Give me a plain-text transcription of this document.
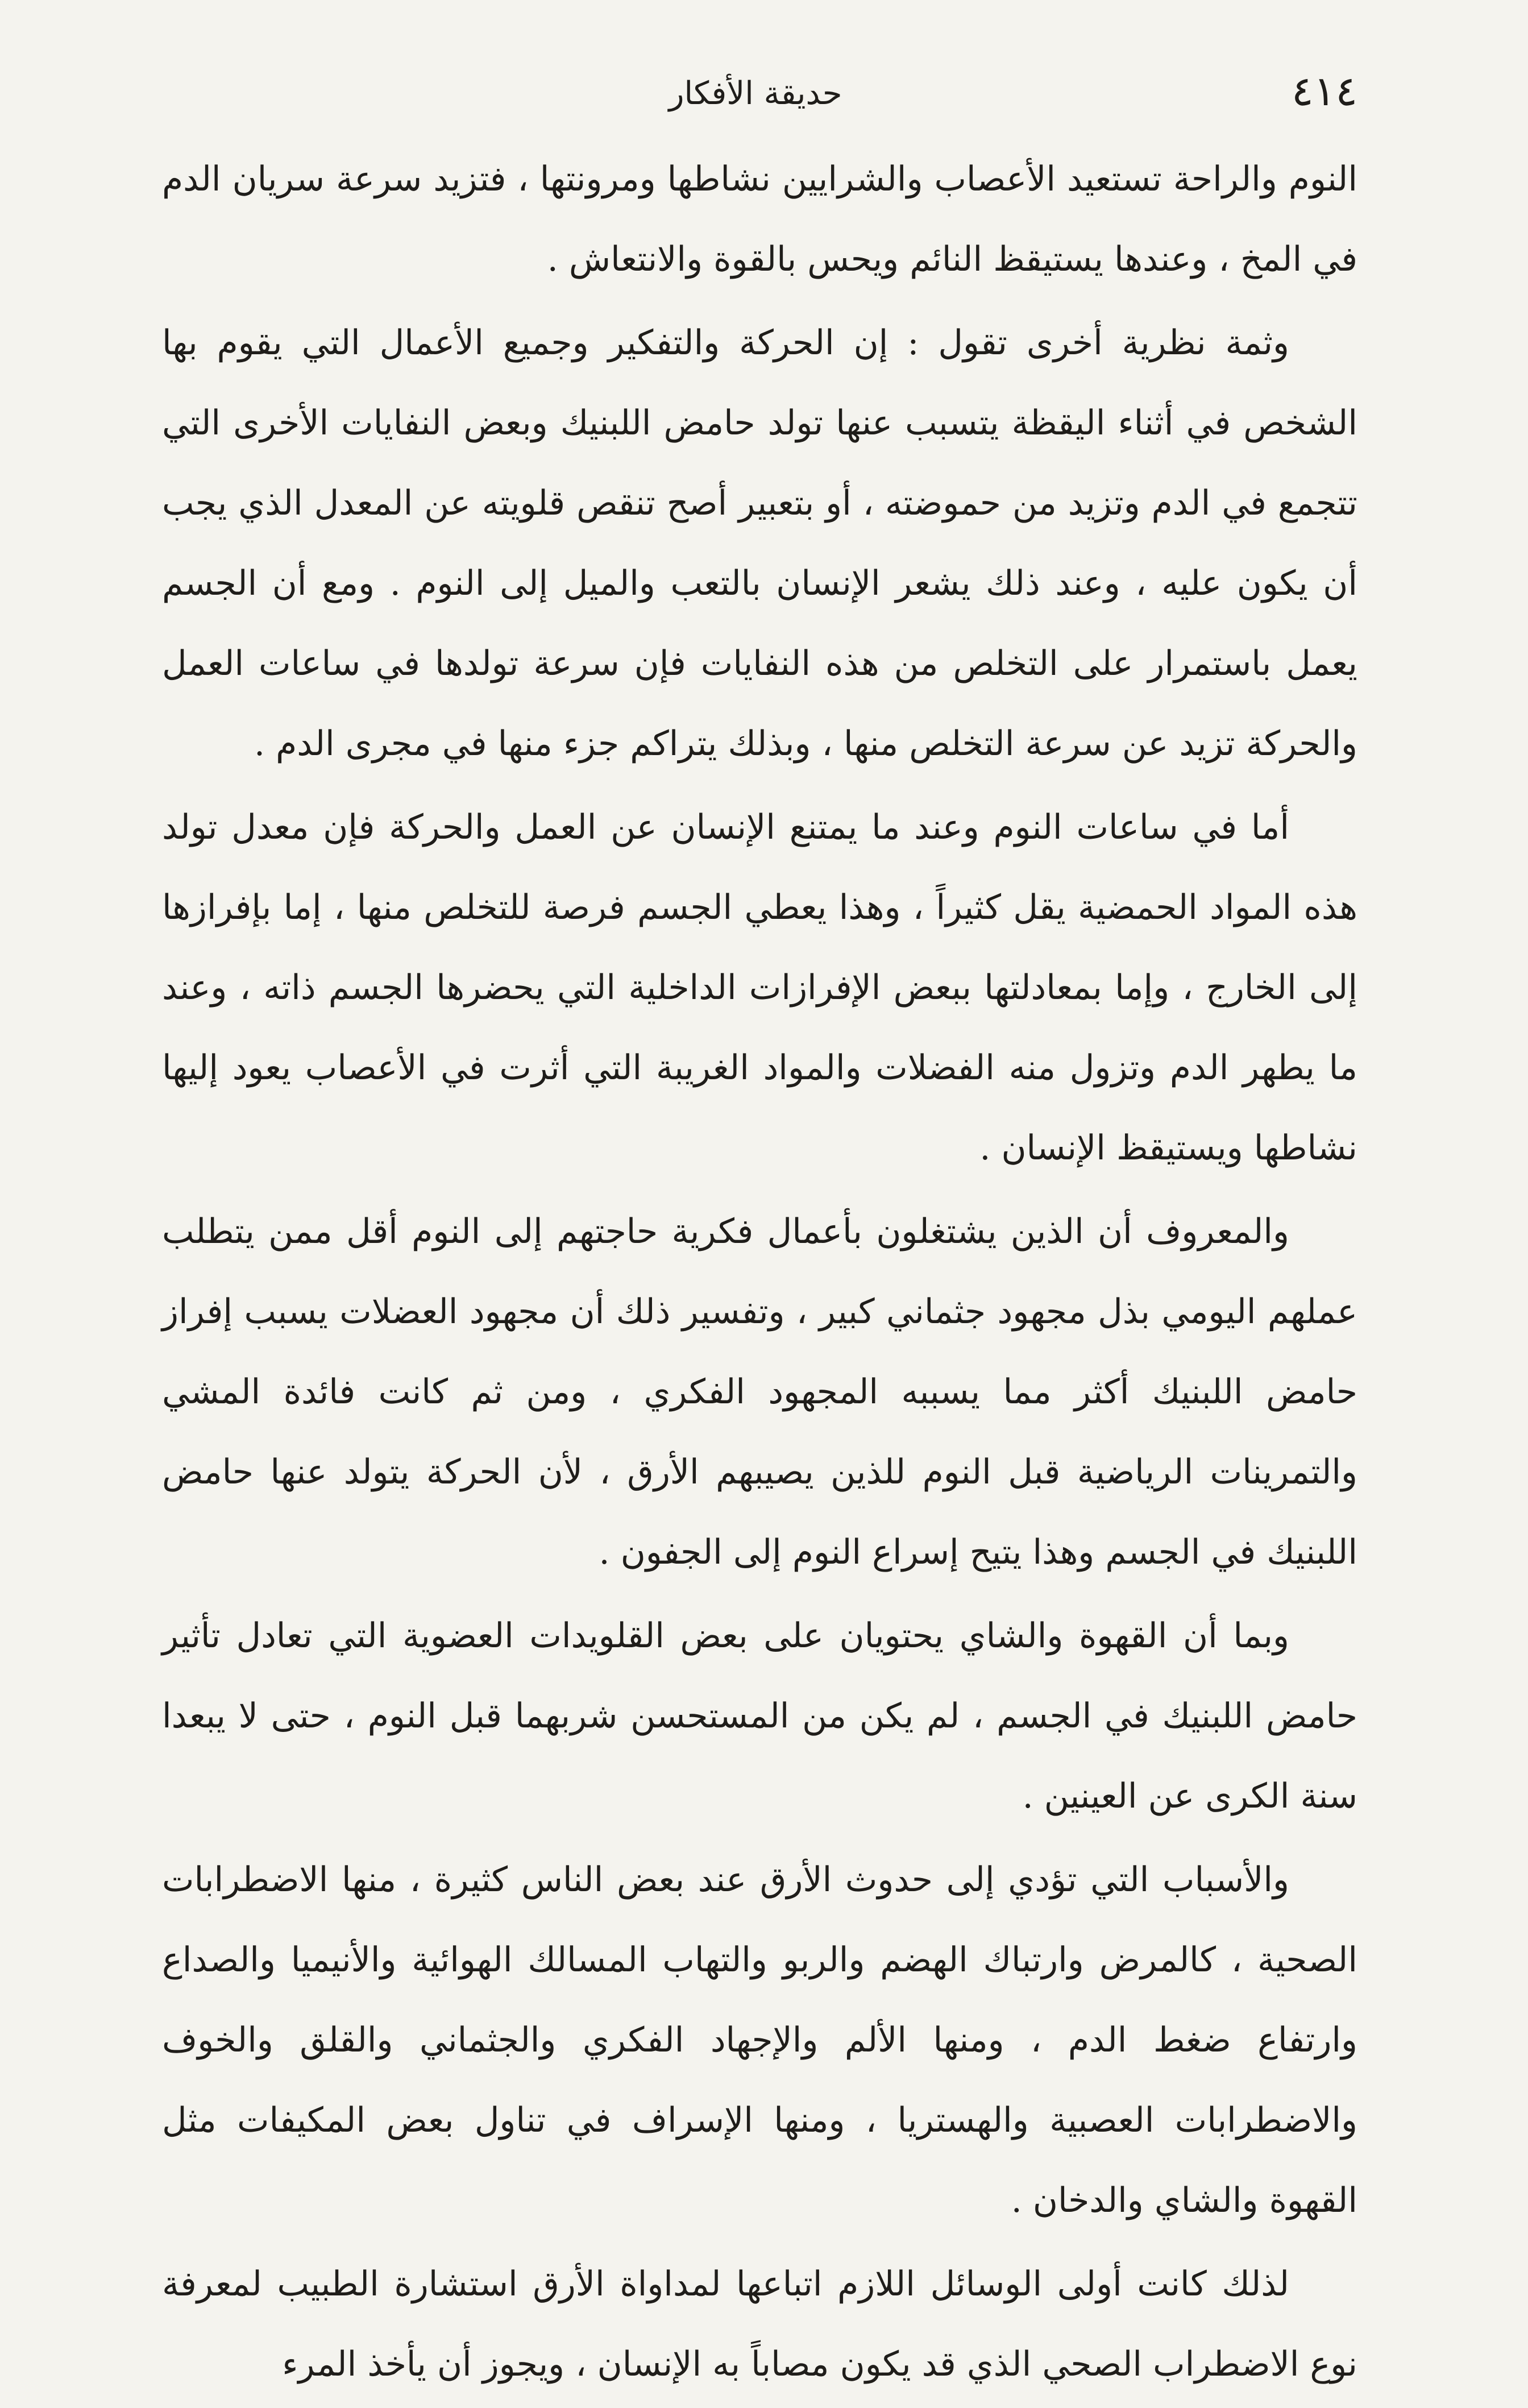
٤١٤
حديقة الأفكار

النوم والراحة تستعيد الأعصاب والشرايين نشاطها ومرونتها ، فتزيد سرعة سريان الدم في المخ ، وعندها يستيقظ النائم ويحس بالقوة والانتعاش .

وثمة نظرية أخرى تقول : إن الحركة والتفكير وجميع الأعمال التي يقوم بها الشخص في أثناء اليقظة يتسبب عنها تولد حامض اللبنيك وبعض النفايات الأخرى التي تتجمع في الدم وتزيد من حموضته ، أو بتعبير أصح تنقص قلويته عن المعدل الذي يجب أن يكون عليه ، وعند ذلك يشعر الإنسان بالتعب والميل إلى النوم . ومع أن الجسم يعمل باستمرار على التخلص من هذه النفايات فإن سرعة تولدها في ساعات العمل والحركة تزيد عن سرعة التخلص منها ، وبذلك يتراكم جزء منها في مجرى الدم .

أما في ساعات النوم وعند ما يمتنع الإنسان عن العمل والحركة فإن معدل تولد هذه المواد الحمضية يقل كثيراً ، وهذا يعطي الجسم فرصة للتخلص منها ، إما بإفرازها إلى الخارج ، وإما بمعادلتها ببعض الإفرازات الداخلية التي يحضرها الجسم ذاته ، وعند ما يطهر الدم وتزول منه الفضلات والمواد الغريبة التي أثرت في الأعصاب يعود إليها نشاطها ويستيقظ الإنسان .

والمعروف أن الذين يشتغلون بأعمال فكرية حاجتهم إلى النوم أقل ممن يتطلب عملهم اليومي بذل مجهود جثماني كبير ، وتفسير ذلك أن مجهود العضلات يسبب إفراز حامض اللبنيك أكثر مما يسببه المجهود الفكري ، ومن ثم كانت فائدة المشي والتمرينات الرياضية قبل النوم للذين يصيبهم الأرق ، لأن الحركة يتولد عنها حامض اللبنيك في الجسم وهذا يتيح إسراع النوم إلى الجفون .

وبما أن القهوة والشاي يحتويان على بعض القلويدات العضوية التي تعادل تأثير حامض اللبنيك في الجسم ، لم يكن من المستحسن شربهما قبل النوم ، حتى لا يبعدا سنة الكرى عن العينين .

والأسباب التي تؤدي إلى حدوث الأرق عند بعض الناس كثيرة ، منها الاضطرابات الصحية ، كالمرض وارتباك الهضم والربو والتهاب المسالك الهوائية والأنيميا والصداع وارتفاع ضغط الدم ، ومنها الألم والإجهاد الفكري والجثماني والقلق والخوف والاضطرابات العصبية والهستريا ، ومنها الإسراف في تناول بعض المكيفات مثل القهوة والشاي والدخان .

لذلك كانت أولى الوسائل اللازم اتباعها لمداواة الأرق استشارة الطبيب لمعرفة نوع الاضطراب الصحي الذي قد يكون مصاباً به الإنسان ، ويجوز أن يأخذ المرء
